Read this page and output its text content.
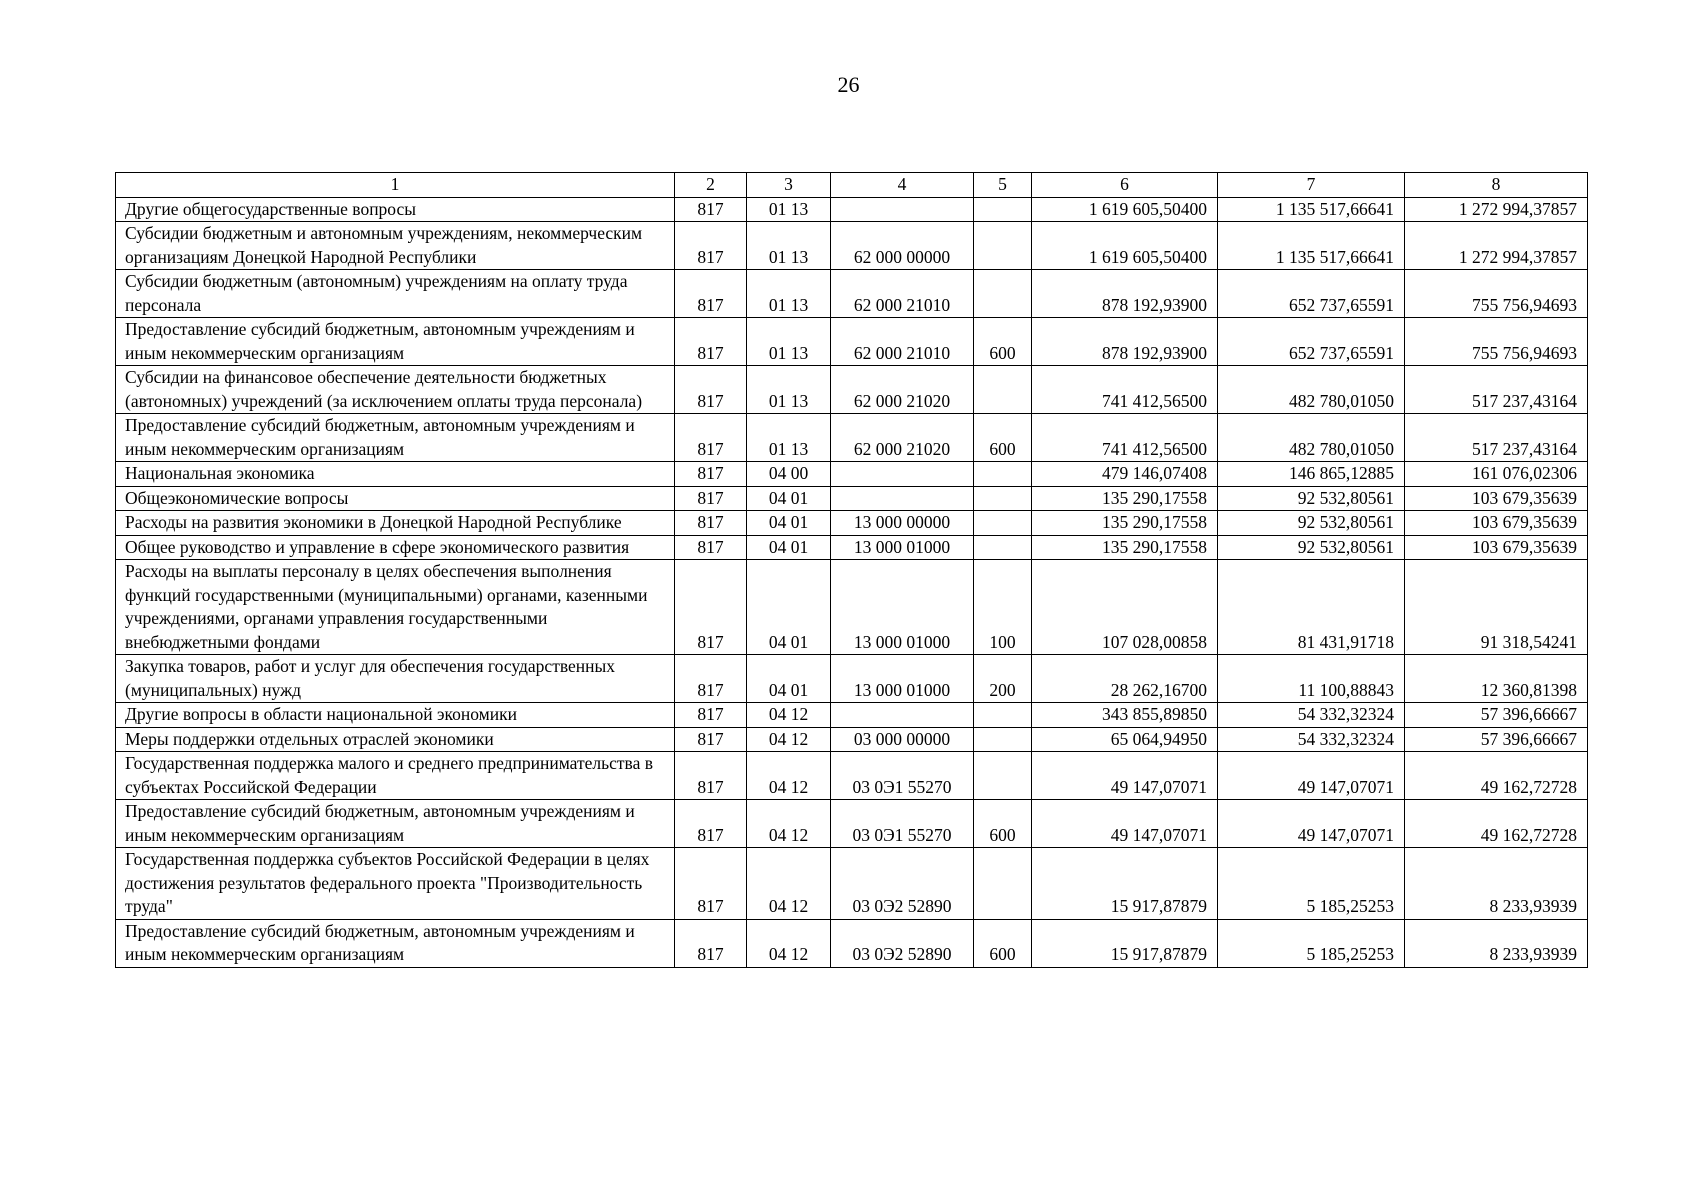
26
1	2	3	4	5	6	7	8
Другие общегосударственные вопросы	817	01 13			1 619 605,50400	1 135 517,66641	1 272 994,37857
Субсидии бюджетным и автономным учреждениям, некоммерческим организациям Донецкой Народной Республики	817	01 13	62 000 00000		1 619 605,50400	1 135 517,66641	1 272 994,37857
Субсидии бюджетным (автономным) учреждениям на оплату труда персонала	817	01 13	62 000 21010		878 192,93900	652 737,65591	755 756,94693
Предоставление субсидий бюджетным, автономным учреждениям и иным некоммерческим организациям	817	01 13	62 000 21010	600	878 192,93900	652 737,65591	755 756,94693
Субсидии на финансовое обеспечение деятельности бюджетных (автономных) учреждений (за исключением оплаты труда персонала)	817	01 13	62 000 21020		741 412,56500	482 780,01050	517 237,43164
Предоставление субсидий бюджетным, автономным учреждениям и иным некоммерческим организациям	817	01 13	62 000 21020	600	741 412,56500	482 780,01050	517 237,43164
Национальная экономика	817	04 00			479 146,07408	146 865,12885	161 076,02306
Общеэкономические вопросы	817	04 01			135 290,17558	92 532,80561	103 679,35639
Расходы на развития экономики в Донецкой Народной Республике	817	04 01	13 000 00000		135 290,17558	92 532,80561	103 679,35639
Общее руководство и управление в сфере экономического развития	817	04 01	13 000 01000		135 290,17558	92 532,80561	103 679,35639
Расходы на выплаты персоналу в целях обеспечения выполнения функций государственными (муниципальными) органами, казенными учреждениями, органами управления государственными внебюджетными фондами	817	04 01	13 000 01000	100	107 028,00858	81 431,91718	91 318,54241
Закупка товаров, работ и услуг для обеспечения государственных (муниципальных) нужд	817	04 01	13 000 01000	200	28 262,16700	11 100,88843	12 360,81398
Другие вопросы в области национальной экономики	817	04 12			343 855,89850	54 332,32324	57 396,66667
Меры поддержки отдельных отраслей экономики	817	04 12	03 000 00000		65 064,94950	54 332,32324	57 396,66667
Государственная поддержка малого и среднего предпринимательства в субъектах Российской Федерации	817	04 12	03 0Э1 55270		49 147,07071	49 147,07071	49 162,72728
Предоставление субсидий бюджетным, автономным учреждениям и иным некоммерческим организациям	817	04 12	03 0Э1 55270	600	49 147,07071	49 147,07071	49 162,72728
Государственная поддержка субъектов Российской Федерации в целях достижения результатов федерального проекта "Производительность труда"	817	04 12	03 0Э2 52890		15 917,87879	5 185,25253	8 233,93939
Предоставление субсидий бюджетным, автономным учреждениям и иным некоммерческим организациям	817	04 12	03 0Э2 52890	600	15 917,87879	5 185,25253	8 233,93939
